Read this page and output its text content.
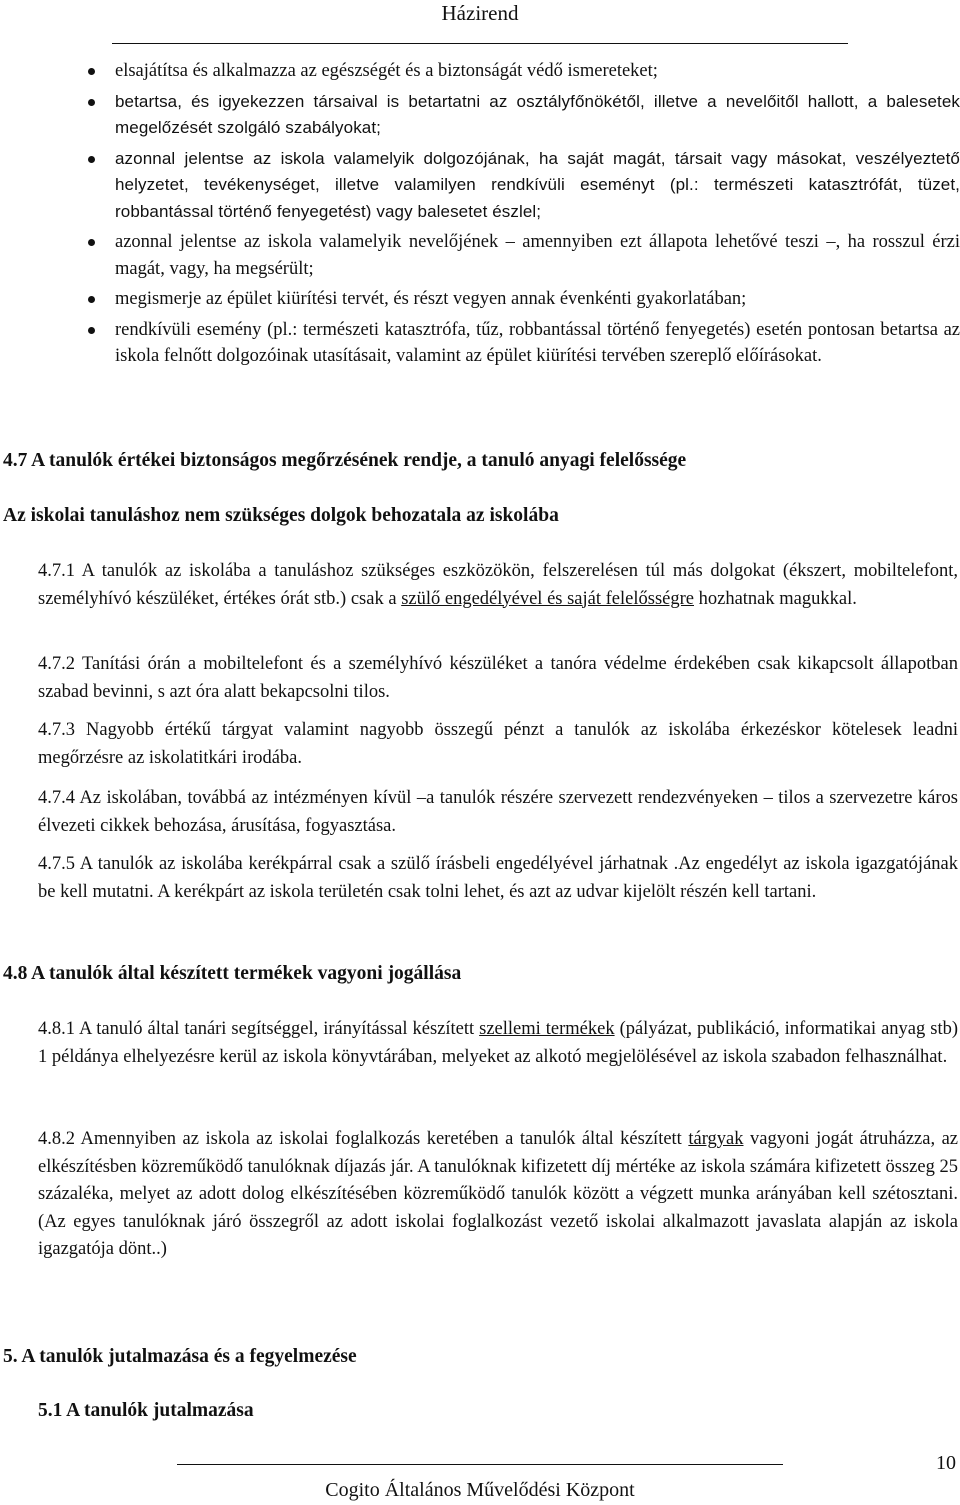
Házirend
elsajátítsa és alkalmazza az egészségét és a biztonságát védő ismereteket;
betartsa, és igyekezzen társaival is betartatni az osztályfőnökétől, illetve a nevelőitől hallott, a balesetek megelőzését szolgáló szabályokat;
azonnal jelentse az iskola valamelyik dolgozójának, ha saját magát, társait vagy másokat, veszélyeztető helyzetet, tevékenységet, illetve valamilyen rendkívüli eseményt (pl.: természeti katasztrófát, tüzet, robbantással történő fenyegetést) vagy balesetet észlel;
azonnal jelentse az iskola valamelyik nevelőjének – amennyiben ezt állapota lehetővé teszi –, ha rosszul érzi magát, vagy, ha megsérült;
megismerje az épület kiürítési tervét, és részt vegyen annak évenkénti gyakorlatában;
rendkívüli esemény (pl.: természeti katasztrófa, tűz, robbantással történő fenyegetés) esetén pontosan betartsa az iskola felnőtt dolgozóinak utasításait, valamint az épület kiürítési tervében szereplő előírásokat.
4.7 A tanulók értékei biztonságos megőrzésének rendje, a tanuló anyagi felelőssége
Az iskolai tanuláshoz nem szükséges dolgok behozatala az iskolába
4.7.1 A tanulók az iskolába a tanuláshoz szükséges eszközökön, felszerelésen túl más dolgokat (ékszert, mobiltelefont, személyhívó készüléket, értékes órát stb.) csak a szülő engedélyével és saját felelősségre hozhatnak magukkal.
4.7.2 Tanítási órán a mobiltelefont és a személyhívó készüléket a tanóra védelme érdekében csak kikapcsolt állapotban szabad bevinni, s azt óra alatt bekapcsolni tilos.
4.7.3 Nagyobb értékű tárgyat valamint nagyobb összegű pénzt a tanulók az iskolába érkezéskor kötelesek leadni megőrzésre az iskolatitkári irodába.
4.7.4 Az iskolában, továbbá az intézményen kívül –a tanulók részére szervezett rendezvényeken – tilos a szervezetre káros élvezeti cikkek behozása, árusítása, fogyasztása.
4.7.5 A tanulók az iskolába kerékpárral csak a szülő írásbeli engedélyével járhatnak .Az engedélyt az iskola igazgatójának be kell mutatni. A kerékpárt az iskola területén csak tolni lehet, és azt az udvar kijelölt részén kell tartani.
4.8 A tanulók által készített termékek vagyoni jogállása
4.8.1 A tanuló által tanári segítséggel, irányítással készített szellemi termékek (pályázat, publikáció, informatikai anyag stb) 1 példánya elhelyezésre kerül az iskola könyvtárában, melyeket az alkotó megjelölésével az iskola szabadon felhasználhat.
4.8.2 Amennyiben az iskola az iskolai foglalkozás keretében a tanulók által készített tárgyak vagyoni jogát átruházza, az elkészítésben közreműködő tanulóknak díjazás jár. A tanulóknak kifizetett díj mértéke az iskola számára kifizetett összeg 25 százaléka, melyet az adott dolog elkészítésében közreműködő tanulók között a végzett munka arányában kell szétosztani. (Az egyes tanulóknak járó összegről az adott iskolai foglalkozást vezető iskolai alkalmazott javaslata alapján az iskola igazgatója dönt..)
5. A tanulók jutalmazása és a fegyelmezése
5.1 A tanulók jutalmazása
Cogito Általános Művelődési Központ
10
